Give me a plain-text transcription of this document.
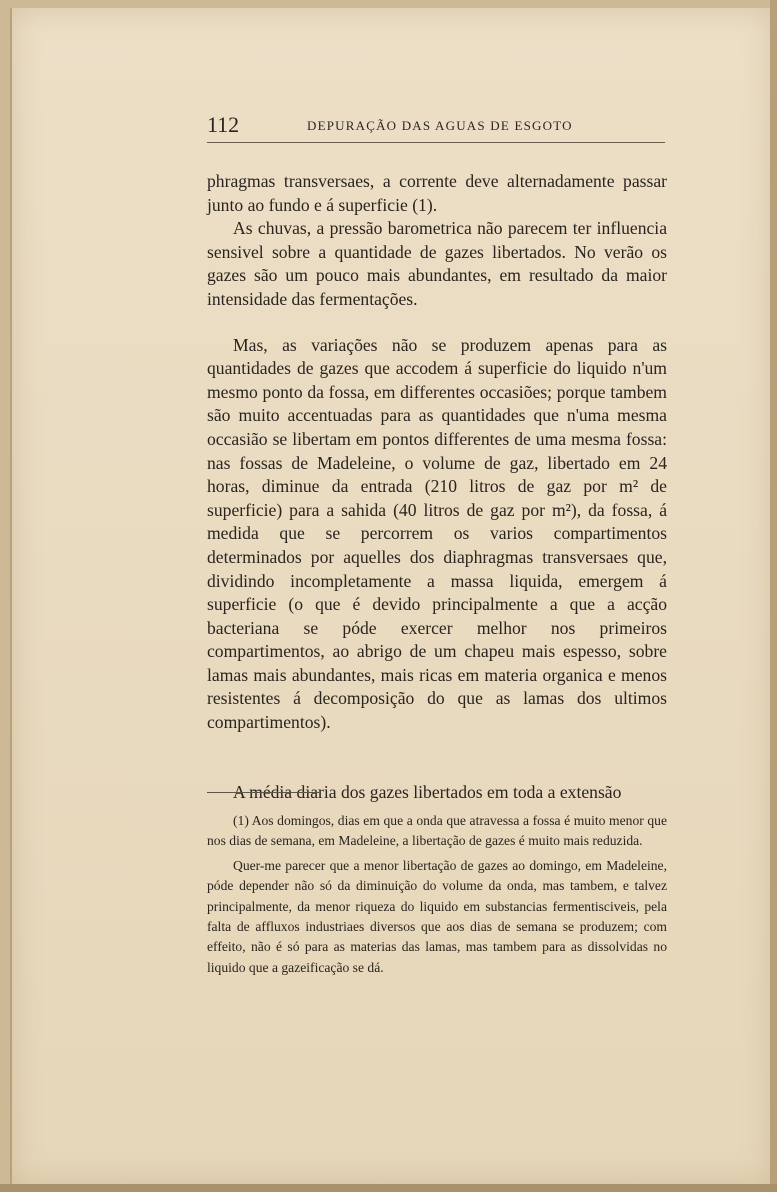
112	DEPURAÇÃO DAS AGUAS DE ESGOTO

phragmas transversaes, a corrente deve alternadamente passar junto ao fundo e á superficie (1).

As chuvas, a pressão barometrica não parecem ter influencia sensivel sobre a quantidade de gazes libertados. No verão os gazes são um pouco mais abundantes, em resultado da maior intensidade das fermentações.

Mas, as variações não se produzem apenas para as quantidades de gazes que accodem á superficie do liquido n'um mesmo ponto da fossa, em differentes occasiões; porque tambem são muito accentuadas para as quantidades que n'uma mesma occasião se libertam em pontos differentes de uma mesma fossa: nas fossas de Madeleine, o volume de gaz, libertado em 24 horas, diminue da entrada (210 litros de gaz por m² de superficie) para a sahida (40 litros de gaz por m²), da fossa, á medida que se percorrem os varios compartimentos determinados por aquelles dos diaphragmas transversaes que, dividindo incompletamente a massa liquida, emergem á superficie (o que é devido principalmente a que a acção bacteriana se póde exercer melhor nos primeiros compartimentos, ao abrigo de um chapeu mais espesso, sobre lamas mais abundantes, mais ricas em materia organica e menos resistentes á decomposição do que as lamas dos ultimos compartimentos).

A média diaria dos gazes libertados em toda a extensão

(1) Aos domingos, dias em que a onda que atravessa a fossa é muito menor que nos dias de semana, em Madeleine, a libertação de gazes é muito mais reduzida.

Quer-me parecer que a menor libertação de gazes ao domingo, em Madeleine, póde depender não só da diminuição do volume da onda, mas tambem, e talvez principalmente, da menor riqueza do liquido em substancias fermentisciveis, pela falta de affluxos industriaes diversos que aos dias de semana se produzem; com effeito, não é só para as materias das lamas, mas tambem para as dissolvidas no liquido que a gazeificação se dá.
